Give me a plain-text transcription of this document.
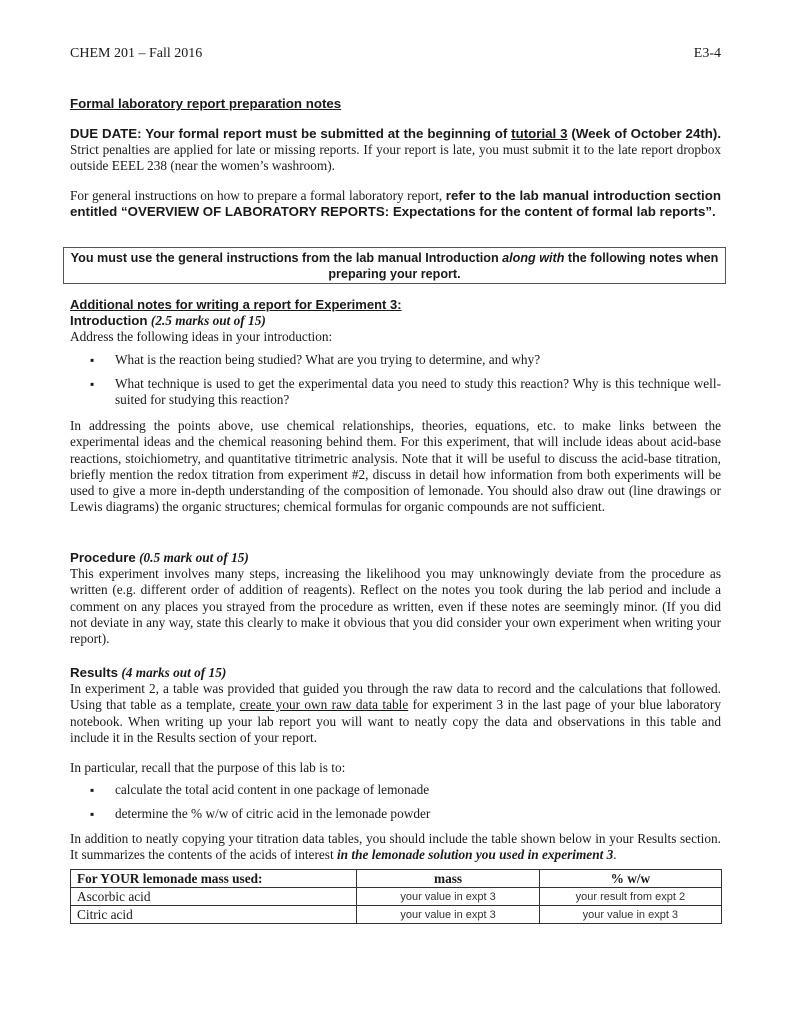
CHEM 201 – Fall 2016	E3-4
Formal laboratory report preparation notes

DUE DATE: Your formal report must be submitted at the beginning of tutorial 3 (Week of October 24th). Strict penalties are applied for late or missing reports. If your report is late, you must submit it to the late report dropbox outside EEEL 238 (near the women’s washroom).

For general instructions on how to prepare a formal laboratory report, refer to the lab manual introduction section entitled “OVERVIEW OF LABORATORY REPORTS: Expectations for the content of formal lab reports”.

You must use the general instructions from the lab manual Introduction along with the following notes when preparing your report.

Additional notes for writing a report for Experiment 3:

Introduction (2.5 marks out of 15)

Address the following ideas in your introduction:

▪ What is the reaction being studied? What are you trying to determine, and why?
▪ What technique is used to get the experimental data you need to study this reaction? Why is this technique well-suited for studying this reaction?

In addressing the points above, use chemical relationships, theories, equations, etc. to make links between the experimental ideas and the chemical reasoning behind them. For this experiment, that will include ideas about acid-base reactions, stoichiometry, and quantitative titrimetric analysis. Note that it will be useful to discuss the acid-base titration, briefly mention the redox titration from experiment #2, discuss in detail how information from both experiments will be used to give a more in-depth understanding of the composition of lemonade. You should also draw out (line drawings or Lewis diagrams) the organic structures; chemical formulas for organic compounds are not sufficient.

Procedure (0.5 mark out of 15)

This experiment involves many steps, increasing the likelihood you may unknowingly deviate from the procedure as written (e.g. different order of addition of reagents). Reflect on the notes you took during the lab period and include a comment on any places you strayed from the procedure as written, even if these notes are seemingly minor. (If you did not deviate in any way, state this clearly to make it obvious that you did consider your own experiment when writing your report).

Results (4 marks out of 15)

In experiment 2, a table was provided that guided you through the raw data to record and the calculations that followed. Using that table as a template, create your own raw data table for experiment 3 in the last page of your blue laboratory notebook. When writing up your lab report you will want to neatly copy the data and observations in this table and include it in the Results section of your report.

In particular, recall that the purpose of this lab is to:

▪ calculate the total acid content in one package of lemonade
▪ determine the % w/w of citric acid in the lemonade powder

In addition to neatly copying your titration data tables, you should include the table shown below in your Results section. It summarizes the contents of the acids of interest in the lemonade solution you used in experiment 3.

For YOUR lemonade mass used:	mass	% w/w
Ascorbic acid	your value in expt 3	your result from expt 2
Citric acid	your value in expt 3	your value in expt 3
